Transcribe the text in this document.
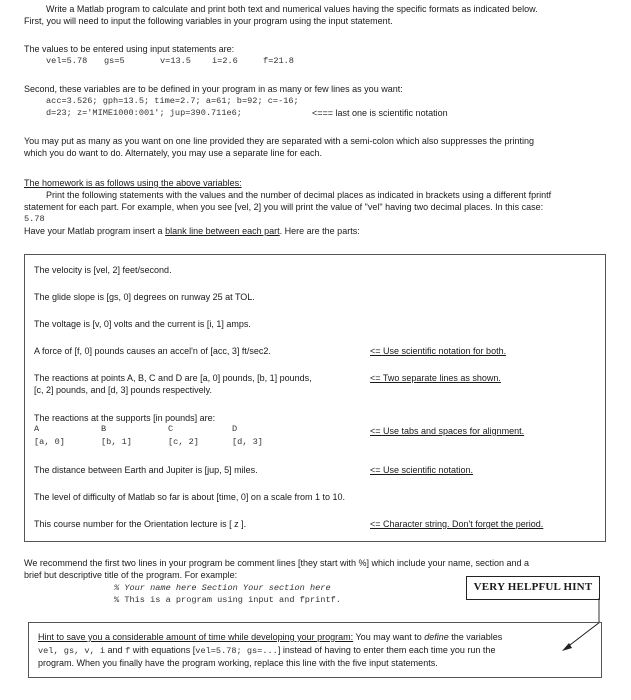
Write a Matlab program to calculate and print both text and numerical values having the specific formats as indicated below.
First, you will need to input the following variables in your program using the input statement.
The values to be entered using input statements are:
vel=5.78 gs=5	v=13.5 i=2.6	f=21.8
Second, these variables are to be defined in your program in as many or few lines as you want:
acc=3.526; gph=13.5; time=2.7; a=61; b=92; c=-16;
d=23; z='MIME1000:001'; jup=390.711e6;	<=== last one is scientific notation
You may put as many as you want on one line provided they are separated with a semi-colon which also suppresses the printing
which you do want to do. Alternately, you may use a separate line for each.
The homework is as follows using the above variables:
Print the following statements with the values and the number of decimal places as indicated in brackets using a different fprintf
statement for each part. For example, when you see [vel, 2] you will print the value of "vel" having two decimal places. In this case:
5.78
Have your Matlab program insert a blank line between each part. Here are the parts:
The velocity is [vel, 2] feet/second.
The glide slope is [gs, 0] degrees on runway 25 at TOL.
The voltage is [v, 0] volts and the current is [i, 1] amps.
A force of [f, 0] pounds causes an accel'n of [acc, 3] ft/sec2.	<= Use scientific notation for both.
The reactions at points A, B, C and D are [a, 0] pounds, [b, 1] pounds,
[c, 2] pounds, and [d, 3] pounds respectively.
<= Two separate lines as shown.
The reactions at the supports [in pounds] are:
A	B	C	D
[a, 0]	[b, 1]	[c, 2]	[d, 3]
<= Use tabs and spaces for alignment.
The distance between Earth and Jupiter is [jup, 5] miles.	<= Use scientific notation.
The level of difficulty of Matlab so far is about [time, 0] on a scale from 1 to 10.
This course number for the Orientation lecture is [ z ].	<= Character string. Don't forget the period.
We recommend the first two lines in your program be comment lines [they start with %] which include your name, section and a
brief but descriptive title of the program. For example:
% Your name here Section Your section here
% This is a program using input and fprintf.
VERY HELPFUL HINT
Hint to save you a considerable amount of time while developing your program: You may want to define the variables
vel, gs, v, i and f with equations [vel=5.78; gs=...] instead of having to enter them each time you run the
program. When you finally have the program working, replace this line with the five input statements.
